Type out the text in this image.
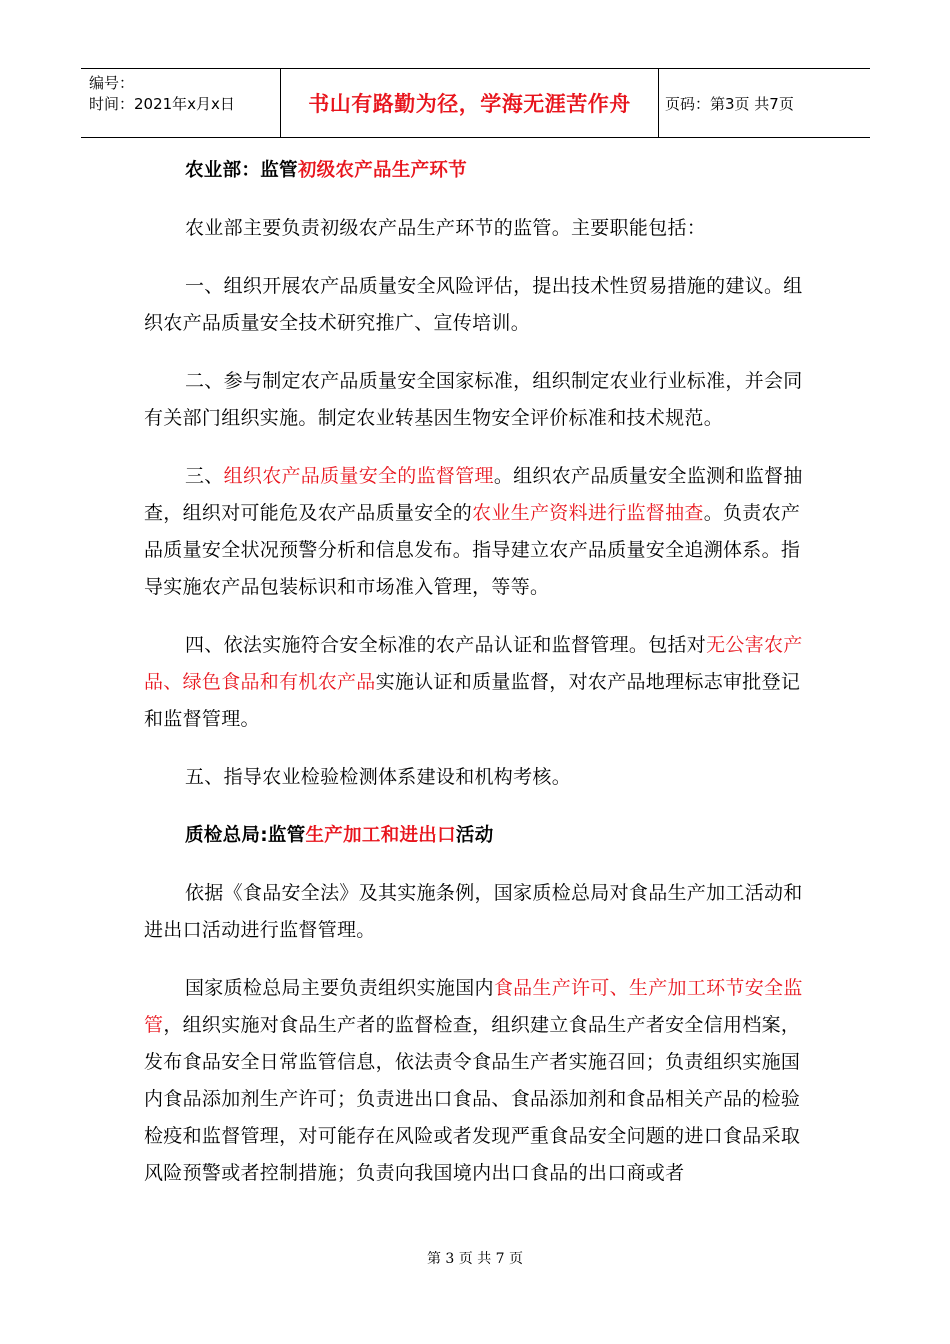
编号：
时间：2021年x月x日	书山有路勤为径，学海无涯苦作舟	页码：第3页 共7页

农业部：监管初级农产品生产环节

农业部主要负责初级农产品生产环节的监管。主要职能包括：

一、组织开展农产品质量安全风险评估，提出技术性贸易措施的建议。组织农产品质量安全技术研究推广、宣传培训。

二、参与制定农产品质量安全国家标准，组织制定农业行业标准，并会同有关部门组织实施。制定农业转基因生物安全评价标准和技术规范。

三、组织农产品质量安全的监督管理。组织农产品质量安全监测和监督抽查，组织对可能危及农产品质量安全的农业生产资料进行监督抽查。负责农产品质量安全状况预警分析和信息发布。指导建立农产品质量安全追溯体系。指导实施农产品包装标识和市场准入管理，等等。

四、依法实施符合安全标准的农产品认证和监督管理。包括对无公害农产品、绿色食品和有机农产品实施认证和质量监督，对农产品地理标志审批登记和监督管理。

五、指导农业检验检测体系建设和机构考核。

质检总局:监管生产加工和进出口活动

依据《食品安全法》及其实施条例，国家质检总局对食品生产加工活动和进出口活动进行监督管理。

国家质检总局主要负责组织实施国内食品生产许可、生产加工环节安全监管，组织实施对食品生产者的监督检查，组织建立食品生产者安全信用档案，发布食品安全日常监管信息，依法责令食品生产者实施召回；负责组织实施国内食品添加剂生产许可；负责进出口食品、食品添加剂和食品相关产品的检验检疫和监督管理，对可能存在风险或者发现严重食品安全问题的进口食品采取风险预警或者控制措施；负责向我国境内出口食品的出口商或者

第 3 页 共 7 页
